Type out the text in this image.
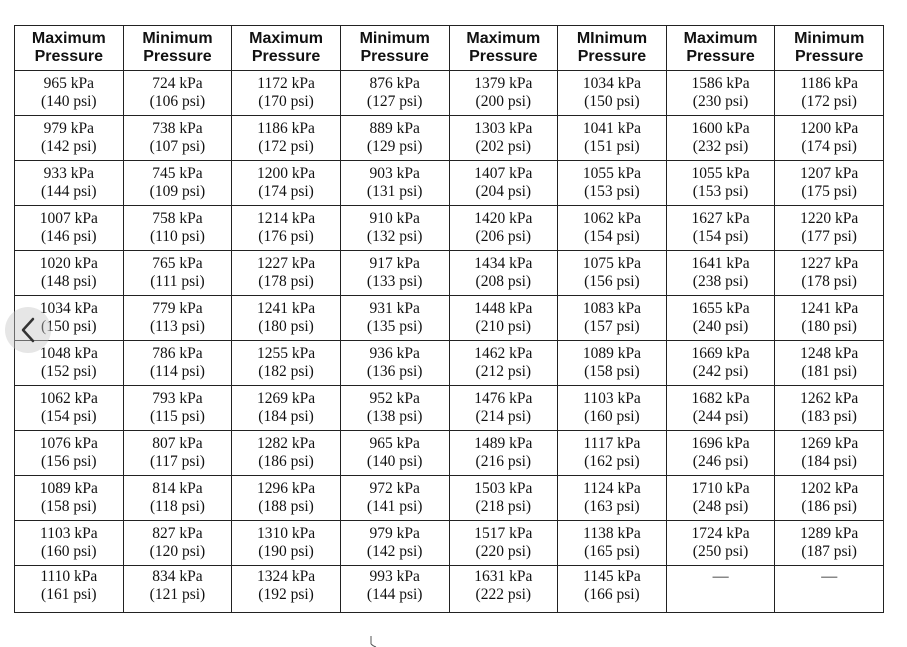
Maximum
Pressure	Minimum
Pressure	Maximum
Pressure	Minimum
Pressure	Maximum
Pressure	MInimum
Pressure	Maximum
Pressure	Minimum
Pressure

965 kPa
(140 psi)	724 kPa
(106 psi)	1172 kPa
(170 psi)	876 kPa
(127 psi)	1379 kPa
(200 psi)	1034 kPa
(150 psi)	1586 kPa
(230 psi)	1186 kPa
(172 psi)

979 kPa
(142 psi)	738 kPa
(107 psi)	1186 kPa
(172 psi)	889 kPa
(129 psi)	1303 kPa
(202 psi)	1041 kPa
(151 psi)	1600 kPa
(232 psi)	1200 kPa
(174 psi)

933 kPa
(144 psi)	745 kPa
(109 psi)	1200 kPa
(174 psi)	903 kPa
(131 psi)	1407 kPa
(204 psi)	1055 kPa
(153 psi)	1055 kPa
(153 psi)	1207 kPa
(175 psi)

1007 kPa
(146 psi)	758 kPa
(110 psi)	1214 kPa
(176 psi)	910 kPa
(132 psi)	1420 kPa
(206 psi)	1062 kPa
(154 psi)	1627 kPa
(154 psi)	1220 kPa
(177 psi)

1020 kPa
(148 psi)	765 kPa
(111 psi)	1227 kPa
(178 psi)	917 kPa
(133 psi)	1434 kPa
(208 psi)	1075 kPa
(156 psi)	1641 kPa
(238 psi)	1227 kPa
(178 psi)

1034 kPa
(150 psi)	779 kPa
(113 psi)	1241 kPa
(180 psi)	931 kPa
(135 psi)	1448 kPa
(210 psi)	1083 kPa
(157 psi)	1655 kPa
(240 psi)	1241 kPa
(180 psi)

1048 kPa
(152 psi)	786 kPa
(114 psi)	1255 kPa
(182 psi)	936 kPa
(136 psi)	1462 kPa
(212 psi)	1089 kPa
(158 psi)	1669 kPa
(242 psi)	1248 kPa
(181 psi)

1062 kPa
(154 psi)	793 kPa
(115 psi)	1269 kPa
(184 psi)	952 kPa
(138 psi)	1476 kPa
(214 psi)	1103 kPa
(160 psi)	1682 kPa
(244 psi)	1262 kPa
(183 psi)

1076 kPa
(156 psi)	807 kPa
(117 psi)	1282 kPa
(186 psi)	965 kPa
(140 psi)	1489 kPa
(216 psi)	1117 kPa
(162 psi)	1696 kPa
(246 psi)	1269 kPa
(184 psi)

1089 kPa
(158 psi)	814 kPa
(118 psi)	1296 kPa
(188 psi)	972 kPa
(141 psi)	1503 kPa
(218 psi)	1124 kPa
(163 psi)	1710 kPa
(248 psi)	1202 kPa
(186 psi)

1103 kPa
(160 psi)	827 kPa
(120 psi)	1310 kPa
(190 psi)	979 kPa
(142 psi)	1517 kPa
(220 psi)	1138 kPa
(165 psi)	1724 kPa
(250 psi)	1289 kPa
(187 psi)

1110 kPa
(161 psi)	834 kPa
(121 psi)	1324 kPa
(192 psi)	993 kPa
(144 psi)	1631 kPa
(222 psi)	1145 kPa
(166 psi)	—	—
